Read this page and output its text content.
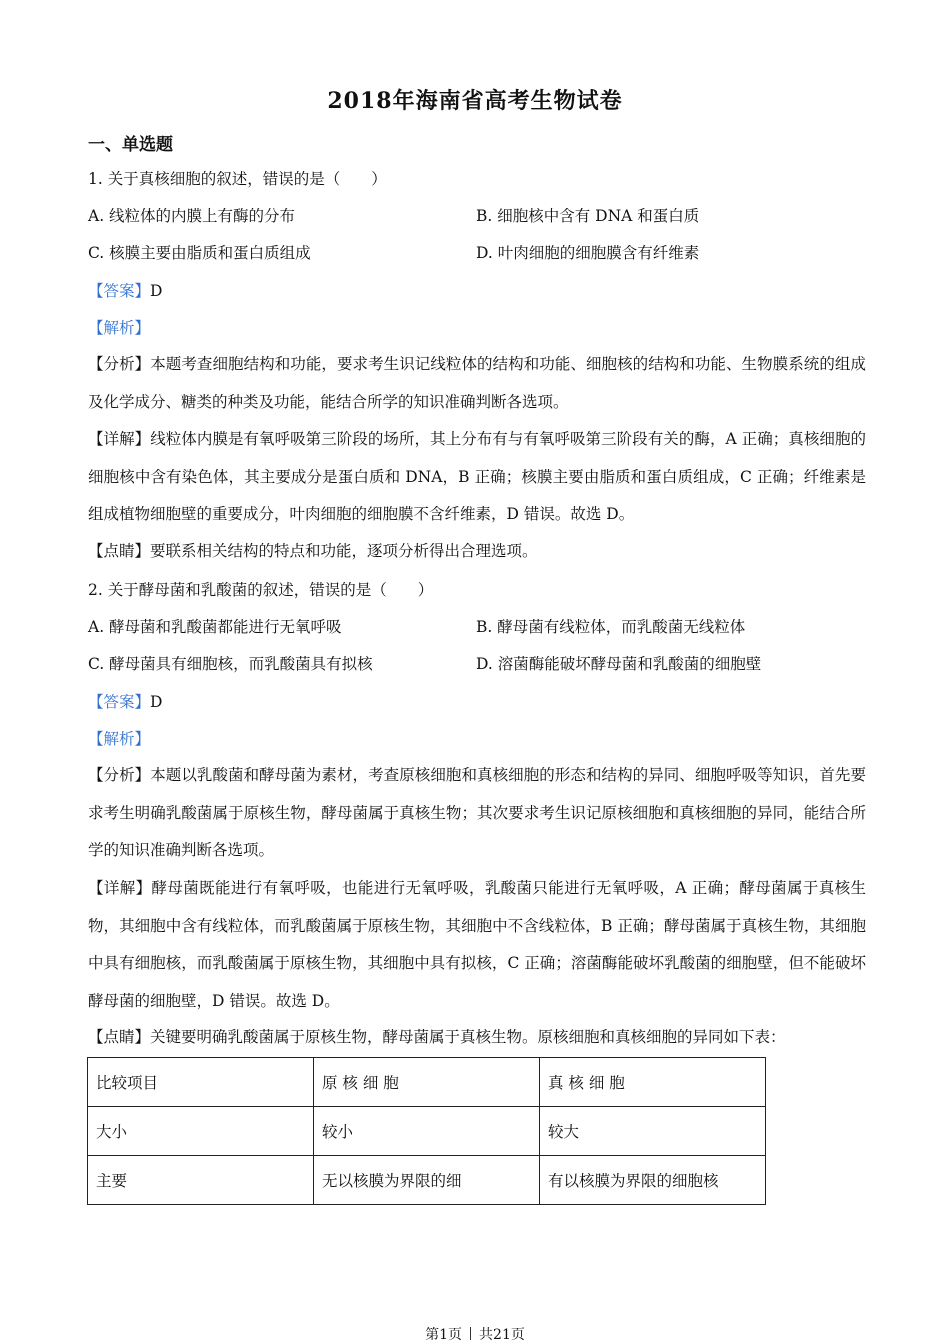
2018年海南省高考生物试卷
一、单选题
1. 关于真核细胞的叙述，错误的是（　　）
A. 线粒体的内膜上有酶的分布	B. 细胞核中含有 DNA 和蛋白质
C. 核膜主要由脂质和蛋白质组成	D. 叶肉细胞的细胞膜含有纤维素
【答案】D
【解析】
【分析】本题考查细胞结构和功能，要求考生识记线粒体的结构和功能、细胞核的结构和功能、生物膜系统的组成及化学成分、糖类的种类及功能，能结合所学的知识准确判断各选项。
【详解】线粒体内膜是有氧呼吸第三阶段的场所，其上分布有与有氧呼吸第三阶段有关的酶，A 正确；真核细胞的细胞核中含有染色体，其主要成分是蛋白质和 DNA，B 正确；核膜主要由脂质和蛋白质组成，C 正确；纤维素是组成植物细胞壁的重要成分，叶肉细胞的细胞膜不含纤维素，D 错误。故选 D。
【点睛】要联系相关结构的特点和功能，逐项分析得出合理选项。
2. 关于酵母菌和乳酸菌的叙述，错误的是（　　）
A. 酵母菌和乳酸菌都能进行无氧呼吸	B. 酵母菌有线粒体，而乳酸菌无线粒体
C. 酵母菌具有细胞核，而乳酸菌具有拟核	D. 溶菌酶能破坏酵母菌和乳酸菌的细胞壁
【答案】D
【解析】
【分析】本题以乳酸菌和酵母菌为素材，考查原核细胞和真核细胞的形态和结构的异同、细胞呼吸等知识，首先要求考生明确乳酸菌属于原核生物，酵母菌属于真核生物；其次要求考生识记原核细胞和真核细胞的异同，能结合所学的知识准确判断各选项。
【详解】酵母菌既能进行有氧呼吸，也能进行无氧呼吸，乳酸菌只能进行无氧呼吸，A 正确；酵母菌属于真核生物，其细胞中含有线粒体，而乳酸菌属于原核生物，其细胞中不含线粒体，B 正确；酵母菌属于真核生物，其细胞中具有细胞核，而乳酸菌属于原核生物，其细胞中具有拟核，C 正确；溶菌酶能破坏乳酸菌的细胞壁，但不能破坏酵母菌的细胞壁，D 错误。故选 D。
【点睛】关键要明确乳酸菌属于原核生物，酵母菌属于真核生物。原核细胞和真核细胞的异同如下表：
比较项目	原 核 细 胞	真 核 细 胞
大小	较小	较大
主要	无以核膜为界限的细	有以核膜为界限的细胞核
第1页 共21页
